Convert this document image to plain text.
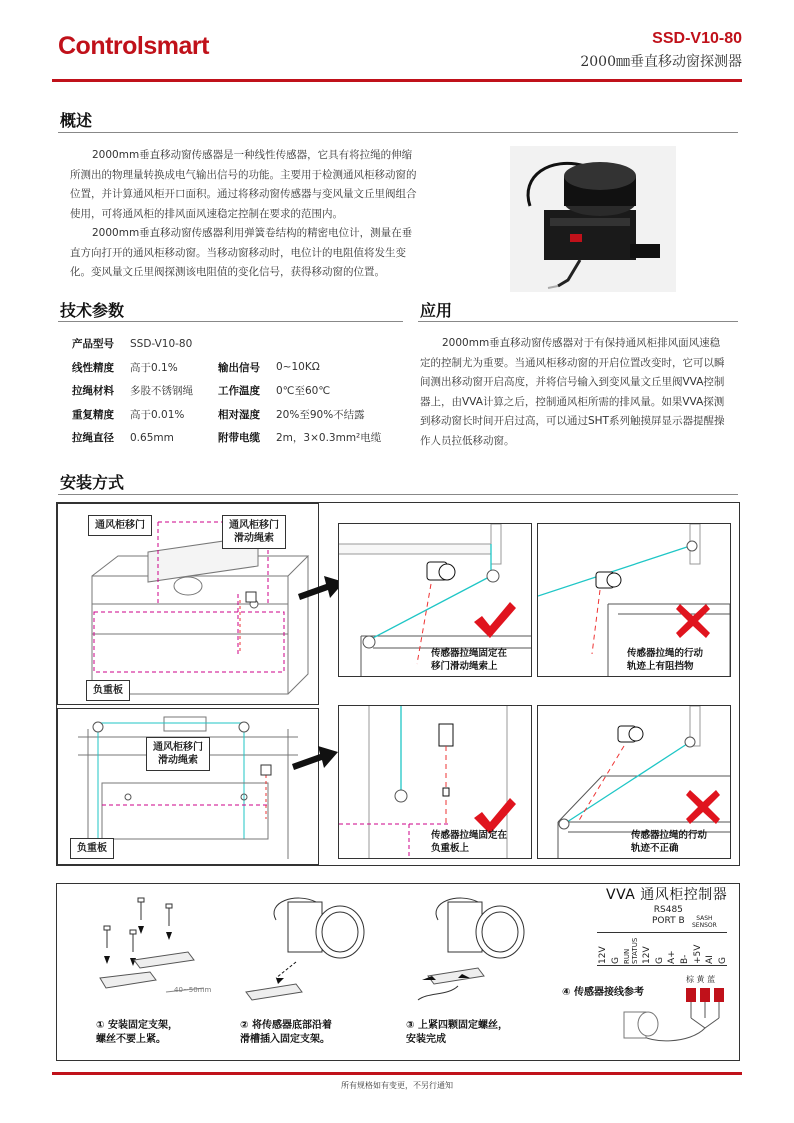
Controlsmart	SSD-V10-80
2000㎜垂直移动窗探测器
概述

2000mm垂直移动窗传感器是一种线性传感器，它具有将拉绳的伸缩所测出的物理量转换成电气输出信号的功能。主要用于检测通风柜移动窗的位置，并计算通风柜开口面积。通过将移动窗传感器与变风量文丘里阀组合使用，可将通风柜的排风面风速稳定控制在要求的范围内。

2000mm垂直移动窗传感器利用弹簧卷结构的精密电位计，测量在垂直方向打开的通风柜移动窗。当移动窗移动时，电位计的电阻值将发生变化。变风量文丘里阀探测该电阻值的变化信号，获得移动窗的位置。

技术参数
产品型号	SSD-V10-80		
线性精度	高于0.1%	输出信号	0~10KΩ
拉绳材料	多股不锈钢绳	工作温度	0℃至60℃
重复精度	高于0.01%	相对湿度	20%至90%不结露
拉绳直径	0.65mm	附带电缆	2m，3×0.3mm²电缆
应用

2000mm垂直移动窗传感器对于有保持通风柜排风面风速稳定的控制尤为重要。当通风柜移动窗的开启位置改变时，它可以瞬间测出移动窗开启高度，并将信号输入到变风量文丘里阀VVA控制器上，由VVA计算之后，控制通风柜所需的排风量。如果VVA探测到移动窗长时间开启过高，可以通过SHT系列触摸屏显示器提醒操作人员拉低移动窗。

安装方式
通风柜移门	通风柜移门
滑动绳索
负重板
通风柜移门
滑动绳索
负重板
传感器拉绳固定在
移门滑动绳索上
传感器拉绳的行动
轨迹上有阻挡物
传感器拉绳固定在
负重板上
传感器拉绳的行动
轨迹不正确
40~50mm
① 安装固定支架，
螺丝不要上紧。
② 将传感器底部沿着
滑槽插入固定支架。
③ 上紧四颗固定螺丝，
安装完成
④ 传感器接线参考
VVA 通风柜控制器
RS485
PORT B	SASH
SENSOR
12V G RUN
STATUS 12V G A+ B- +5V AI G
棕 黄 蓝
所有规格如有变更，不另行通知
